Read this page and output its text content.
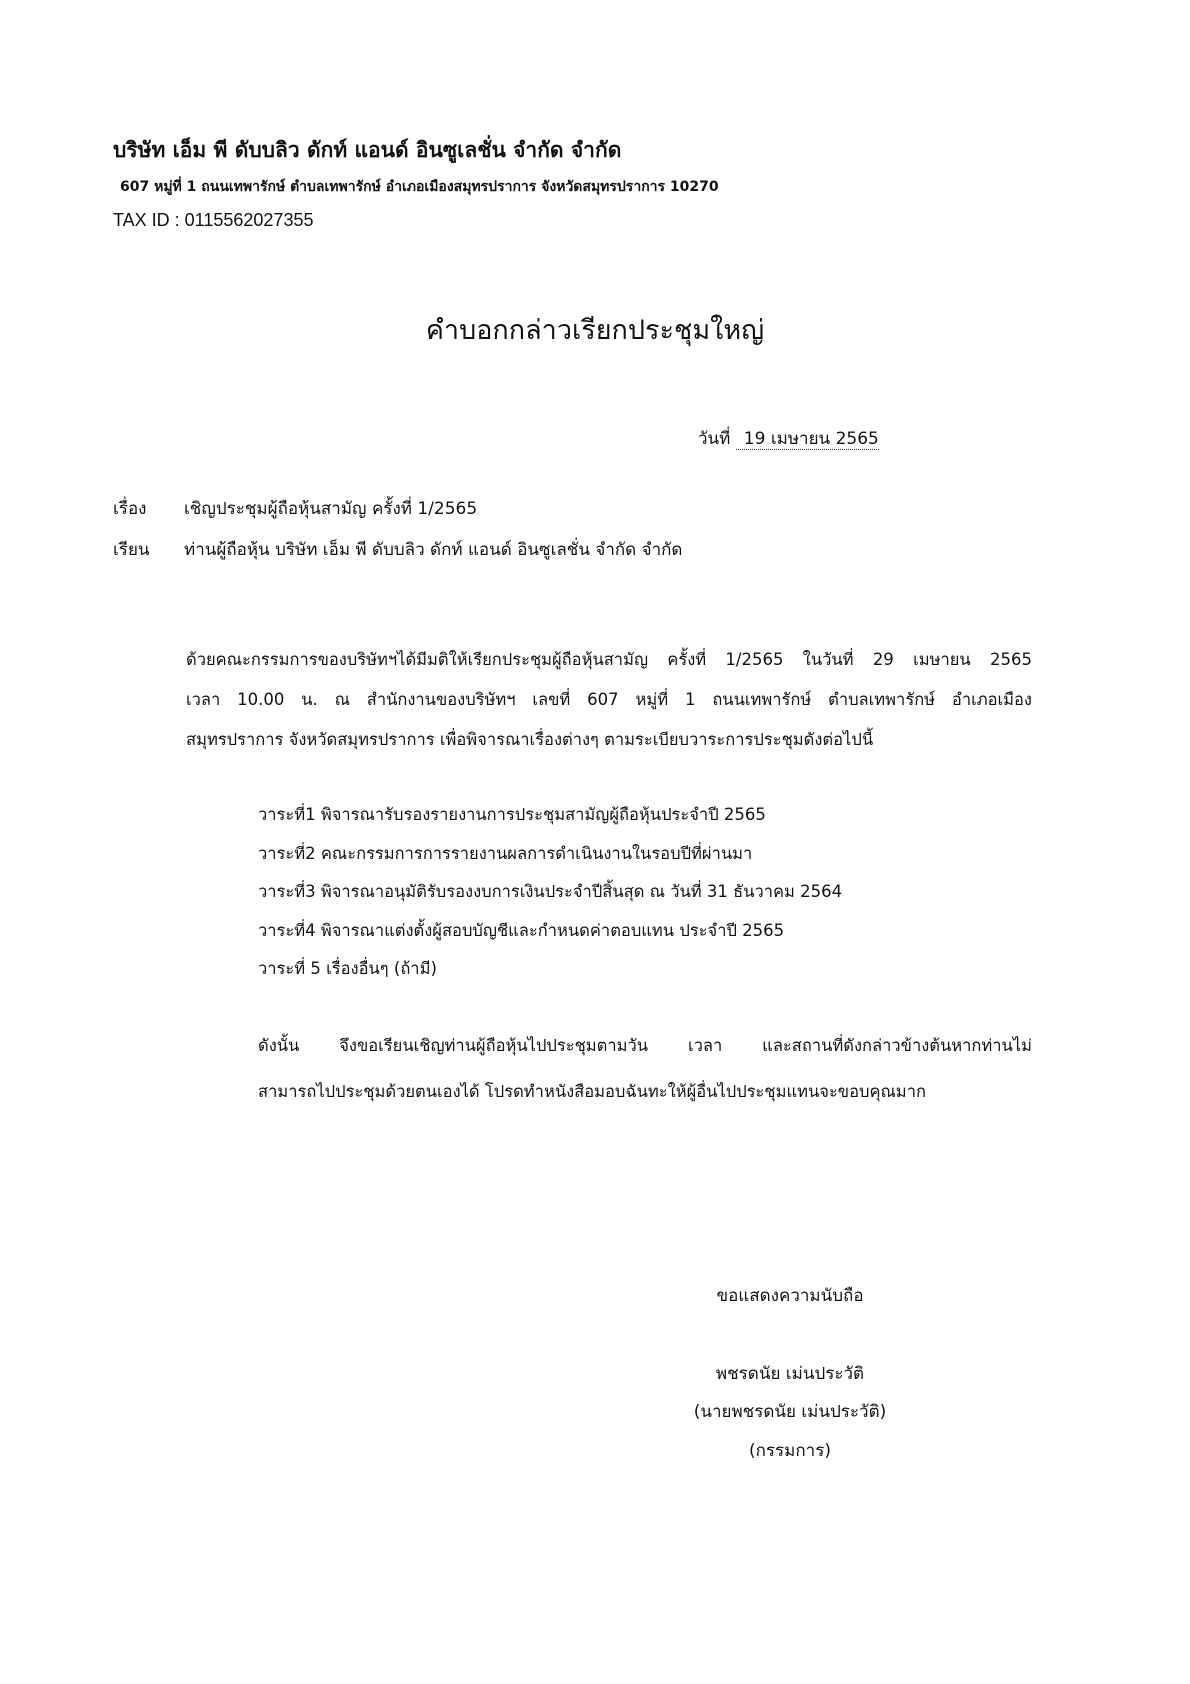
บริษัท เอ็ม พี ดับบลิว ดักท์ แอนด์ อินซูเลชั่น จำกัด จำกัด
607 หมู่ที่ 1 ถนนเทพารักษ์ ตำบลเทพารักษ์ อำเภอเมืองสมุทรปราการ จังหวัดสมุทรปราการ 10270
TAX ID : 0115562027355
คำบอกกล่าวเรียกประชุมใหญ่
วันที่ 19 เมษายน 2565
เรื่อง เชิญประชุมผู้ถือหุ้นสามัญ ครั้งที่ 1/2565
เรียน ท่านผู้ถือหุ้น บริษัท เอ็ม พี ดับบลิว ดักท์ แอนด์ อินซูเลชั่น จำกัด จำกัด
ด้วยคณะกรรมการของบริษัทฯได้มีมติให้เรียกประชุมผู้ถือหุ้นสามัญ ครั้งที่ 1/2565 ในวันที่ 29 เมษายน 2565
เวลา 10.00 น. ณ สำนักงานของบริษัทฯ เลขที่ 607 หมู่ที่ 1 ถนนเทพารักษ์ ตำบลเทพารักษ์ อำเภอเมือง
สมุทรปราการ จังหวัดสมุทรปราการ เพื่อพิจารณาเรื่องต่างๆ ตามระเบียบวาระการประชุมดังต่อไปนี้
วาระที่1 พิจารณารับรองรายงานการประชุมสามัญผู้ถือหุ้นประจำปี 2565
วาระที่2 คณะกรรมการการรายงานผลการดำเนินงานในรอบปีที่ผ่านมา
วาระที่3 พิจารณาอนุมัติรับรองงบการเงินประจำปีสิ้นสุด ณ วันที่ 31 ธันวาคม 2564
วาระที่4 พิจารณาแต่งตั้งผู้สอบบัญชีและกำหนดค่าตอบแทน ประจำปี 2565
วาระที่ 5 เรื่องอื่นๆ (ถ้ามี)
ดังนั้น จึงขอเรียนเชิญท่านผู้ถือหุ้นไปประชุมตามวัน เวลา และสถานที่ดังกล่าวข้างต้นหากท่านไม่
สามารถไปประชุมด้วยตนเองได้ โปรดทำหนังสือมอบฉันทะให้ผู้อื่นไปประชุมแทนจะขอบคุณมาก
ขอแสดงความนับถือ
พชรดนัย เม่นประวัติ
(นายพชรดนัย เม่นประวัติ)
(กรรมการ)
